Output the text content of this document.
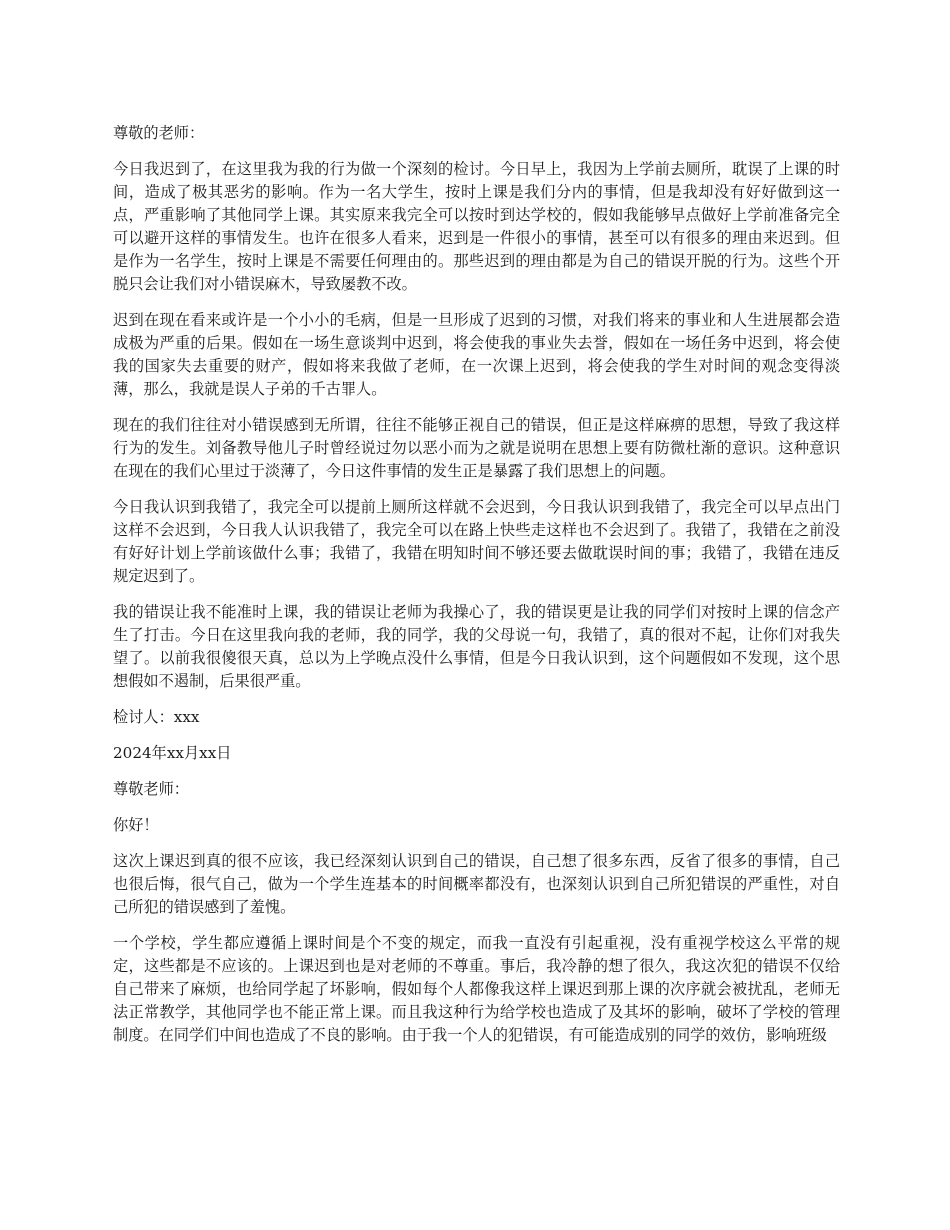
尊敬的老师：

今日我迟到了，在这里我为我的行为做一个深刻的检讨。今日早上，我因为上学前去厕所，耽误了上课的时间，造成了极其恶劣的影响。作为一名大学生，按时上课是我们分内的事情，但是我却没有好好做到这一点，严重影响了其他同学上课。其实原来我完全可以按时到达学校的，假如我能够早点做好上学前准备完全可以避开这样的事情发生。也许在很多人看来，迟到是一件很小的事情，甚至可以有很多的理由来迟到。但是作为一名学生，按时上课是不需要任何理由的。那些迟到的理由都是为自己的错误开脱的行为。这些个开脱只会让我们对小错误麻木，导致屡教不改。

迟到在现在看来或许是一个小小的毛病，但是一旦形成了迟到的习惯，对我们将来的事业和人生进展都会造成极为严重的后果。假如在一场生意谈判中迟到，将会使我的事业失去誉，假如在一场任务中迟到，将会使我的国家失去重要的财产，假如将来我做了老师，在一次课上迟到，将会使我的学生对时间的观念变得淡薄，那么，我就是误人子弟的千古罪人。

现在的我们往往对小错误感到无所谓，往往不能够正视自己的错误，但正是这样麻痹的思想，导致了我这样行为的发生。刘备教导他儿子时曾经说过勿以恶小而为之就是说明在思想上要有防微杜渐的意识。这种意识在现在的我们心里过于淡薄了，今日这件事情的发生正是暴露了我们思想上的问题。

今日我认识到我错了，我完全可以提前上厕所这样就不会迟到，今日我认识到我错了，我完全可以早点出门这样不会迟到，今日我人认识我错了，我完全可以在路上快些走这样也不会迟到了。我错了，我错在之前没有好好计划上学前该做什么事；我错了，我错在明知时间不够还要去做耽误时间的事；我错了，我错在违反规定迟到了。

我的错误让我不能准时上课，我的错误让老师为我操心了，我的错误更是让我的同学们对按时上课的信念产生了打击。今日在这里我向我的老师，我的同学，我的父母说一句，我错了，真的很对不起，让你们对我失望了。以前我很傻很天真，总以为上学晚点没什么事情，但是今日我认识到，这个问题假如不发现，这个思想假如不遏制，后果很严重。

检讨人：xxx

2024年xx月xx日

尊敬老师：

你好！

这次上课迟到真的很不应该，我已经深刻认识到自己的错误，自己想了很多东西，反省了很多的事情，自己也很后悔，很气自己，做为一个学生连基本的时间概率都没有，也深刻认识到自己所犯错误的严重性，对自己所犯的错误感到了羞愧。

一个学校，学生都应遵循上课时间是个不变的规定，而我一直没有引起重视，没有重视学校这么平常的规定，这些都是不应该的。上课迟到也是对老师的不尊重。事后，我冷静的想了很久，我这次犯的错误不仅给自己带来了麻烦，也给同学起了坏影响，假如每个人都像我这样上课迟到那上课的次序就会被扰乱，老师无法正常教学，其他同学也不能正常上课。而且我这种行为给学校也造成了及其坏的影响，破坏了学校的管理制度。在同学们中间也造成了不良的影响。由于我一个人的犯错误，有可能造成别的同学的效仿，影响班级
